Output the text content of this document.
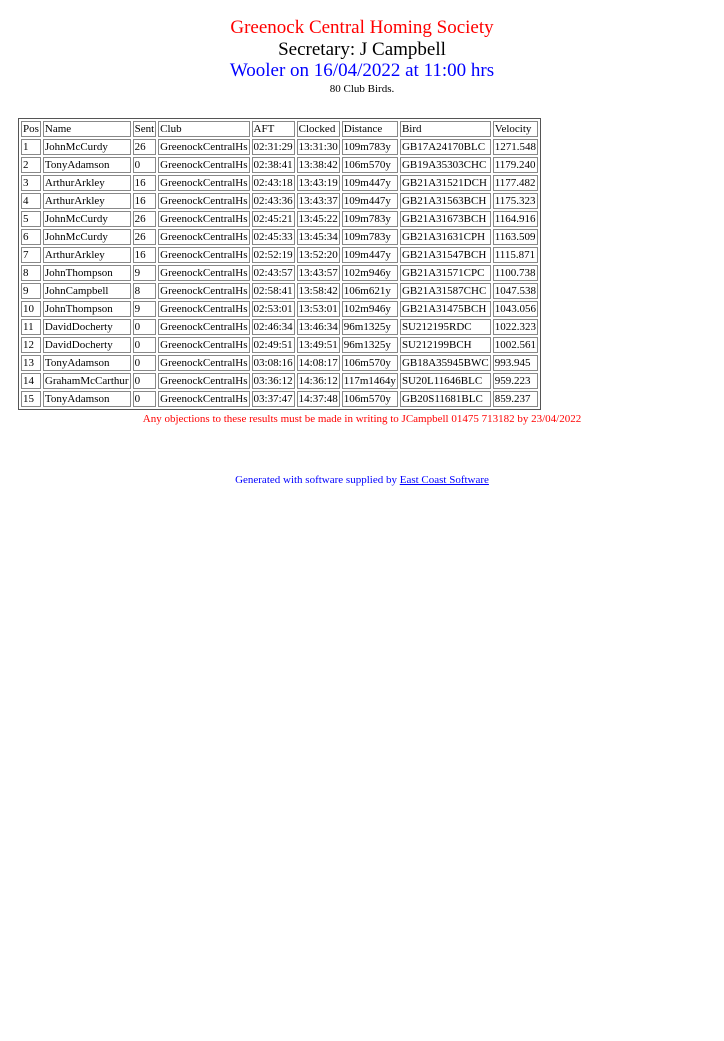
Greenock Central Homing Society
Secretary: J Campbell
Wooler on 16/04/2022 at 11:00 hrs
80 Club Birds.
Pos	Name	Sent	Club	AFT	Clocked	Distance	Bird	Velocity
1	JohnMcCurdy	26	GreenockCentralHs	02:31:29	13:31:30	109m783y	GB17A24170BLC	1271.548
2	TonyAdamson	0	GreenockCentralHs	02:38:41	13:38:42	106m570y	GB19A35303CHC	1179.240
3	ArthurArkley	16	GreenockCentralHs	02:43:18	13:43:19	109m447y	GB21A31521DCH	1177.482
4	ArthurArkley	16	GreenockCentralHs	02:43:36	13:43:37	109m447y	GB21A31563BCH	1175.323
5	JohnMcCurdy	26	GreenockCentralHs	02:45:21	13:45:22	109m783y	GB21A31673BCH	1164.916
6	JohnMcCurdy	26	GreenockCentralHs	02:45:33	13:45:34	109m783y	GB21A31631CPH	1163.509
7	ArthurArkley	16	GreenockCentralHs	02:52:19	13:52:20	109m447y	GB21A31547BCH	1115.871
8	JohnThompson	9	GreenockCentralHs	02:43:57	13:43:57	102m946y	GB21A31571CPC	1100.738
9	JohnCampbell	8	GreenockCentralHs	02:58:41	13:58:42	106m621y	GB21A31587CHC	1047.538
10	JohnThompson	9	GreenockCentralHs	02:53:01	13:53:01	102m946y	GB21A31475BCH	1043.056
11	DavidDocherty	0	GreenockCentralHs	02:46:34	13:46:34	96m1325y	SU212195RDC	1022.323
12	DavidDocherty	0	GreenockCentralHs	02:49:51	13:49:51	96m1325y	SU212199BCH	1002.561
13	TonyAdamson	0	GreenockCentralHs	03:08:16	14:08:17	106m570y	GB18A35945BWC	993.945
14	GrahamMcCarthur	0	GreenockCentralHs	03:36:12	14:36:12	117m1464y	SU20L11646BLC	959.223
15	TonyAdamson	0	GreenockCentralHs	03:37:47	14:37:48	106m570y	GB20S11681BLC	859.237
Any objections to these results must be made in writing to JCampbell 01475 713182 by 23/04/2022
Generated with software supplied by East Coast Software
